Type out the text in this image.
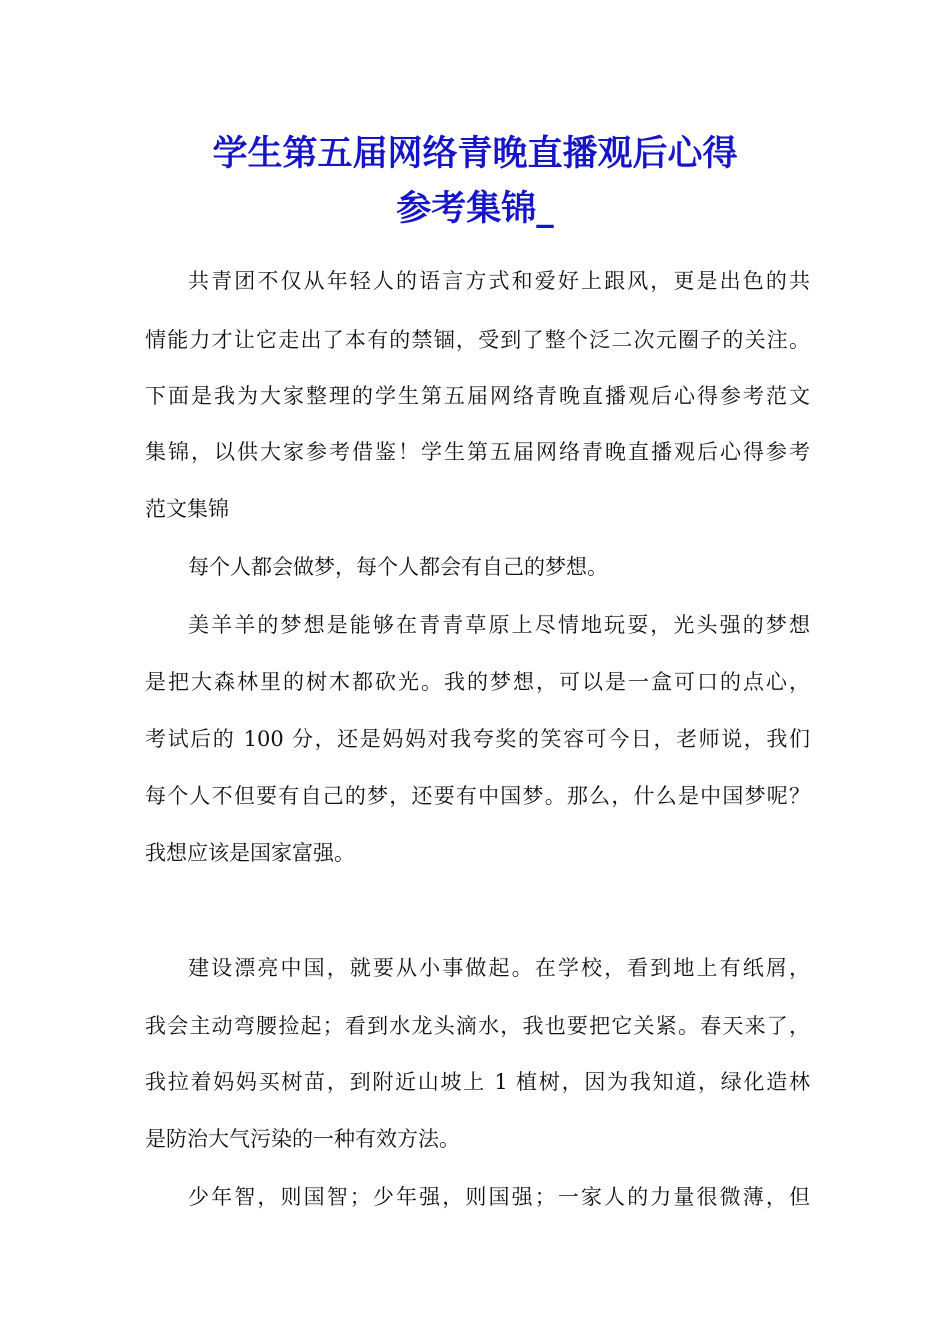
学生第五届网络青晚直播观后心得
参考集锦_
共青团不仅从年轻人的语言方式和爱好上跟风，更是出色的共
情能力才让它走出了本有的禁锢，受到了整个泛二次元圈子的关注。
下面是我为大家整理的学生第五届网络青晚直播观后心得参考范文
集锦，以供大家参考借鉴！学生第五届网络青晚直播观后心得参考
范文集锦
每个人都会做梦，每个人都会有自己的梦想。
美羊羊的梦想是能够在青青草原上尽情地玩耍，光头强的梦想
是把大森林里的树木都砍光。我的梦想，可以是一盒可口的点心，
考试后的 100 分，还是妈妈对我夸奖的笑容可今日，老师说，我们
每个人不但要有自己的梦，还要有中国梦。那么，什么是中国梦呢？
我想应该是国家富强。
建设漂亮中国，就要从小事做起。在学校，看到地上有纸屑，
我会主动弯腰捡起；看到水龙头滴水，我也要把它关紧。春天来了，
我拉着妈妈买树苗，到附近山坡上 1 植树，因为我知道，绿化造林
是防治大气污染的一种有效方法。
少年智，则国智；少年强，则国强；一家人的力量很微薄，但
